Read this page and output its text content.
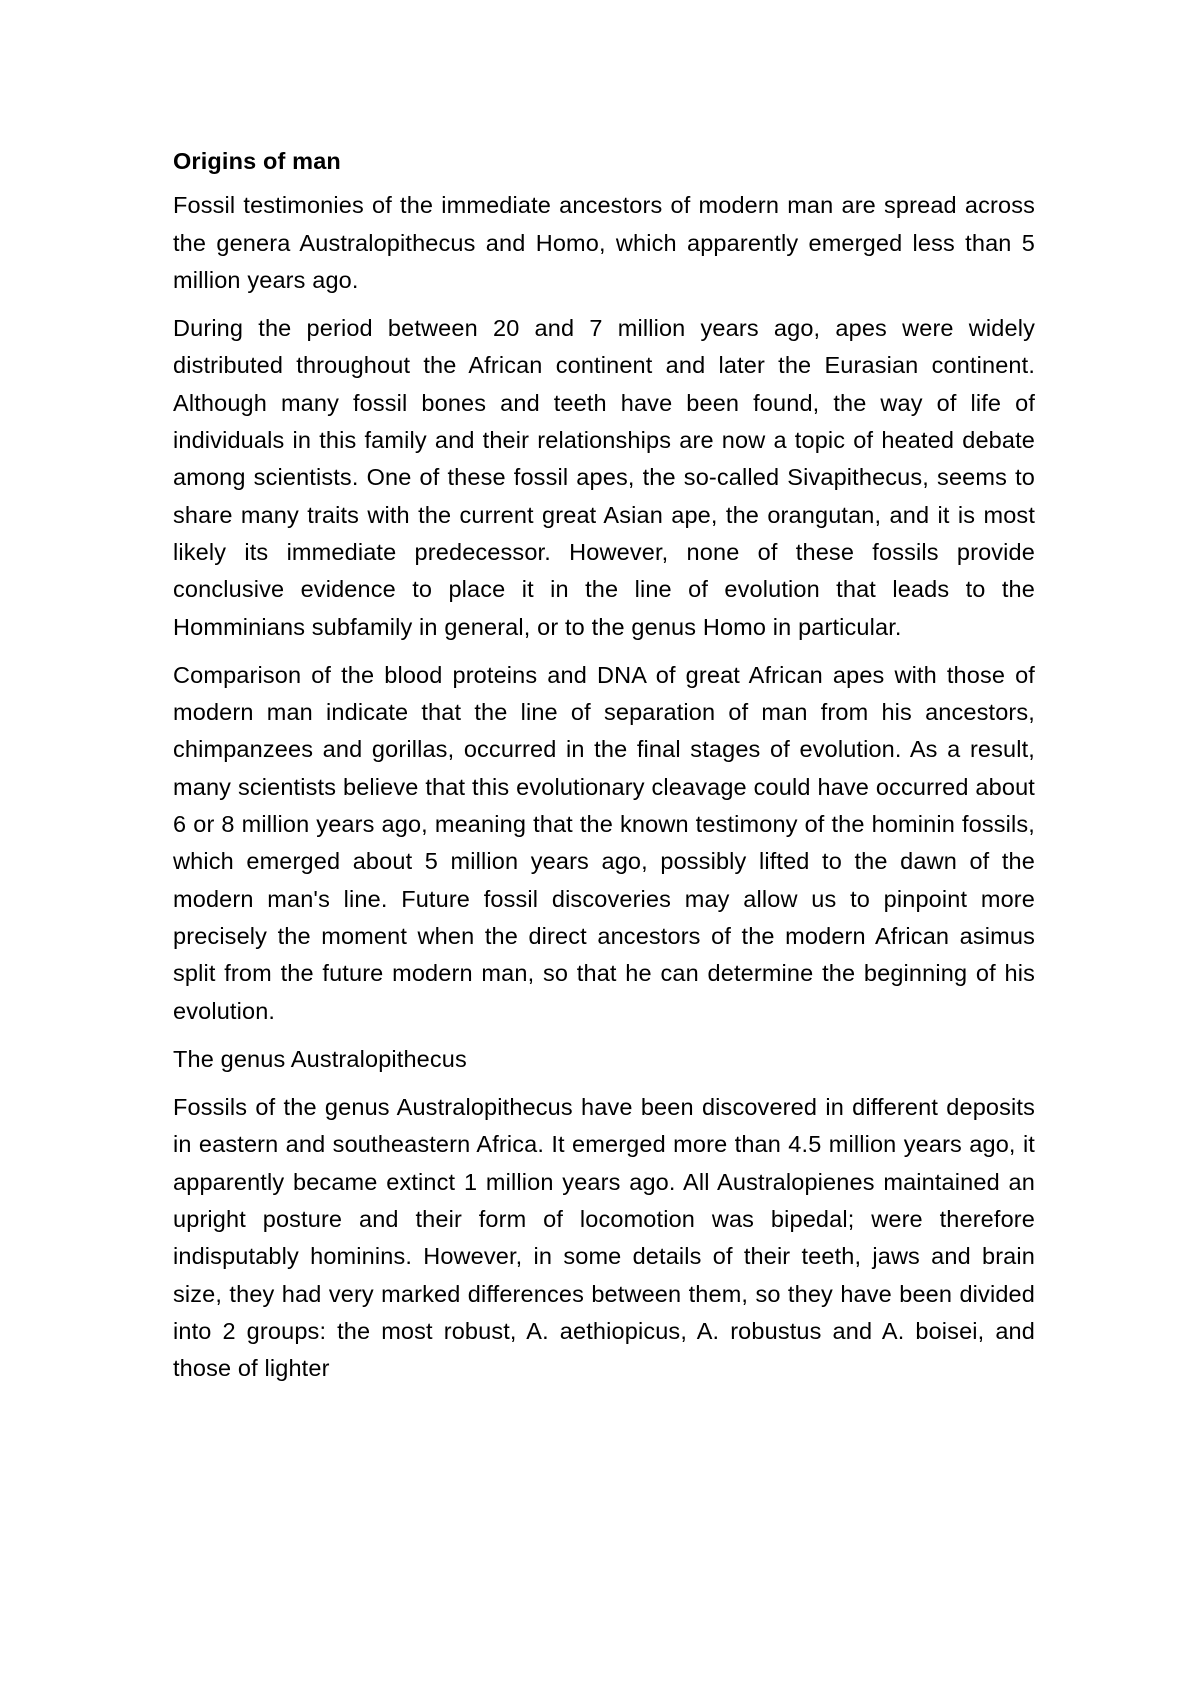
Origins of man

Fossil testimonies of the immediate ancestors of modern man are spread across the genera Australopithecus and Homo, which apparently emerged less than 5 million years ago.

During the period between 20 and 7 million years ago, apes were widely distributed throughout the African continent and later the Eurasian continent. Although many fossil bones and teeth have been found, the way of life of individuals in this family and their relationships are now a topic of heated debate among scientists. One of these fossil apes, the so-called Sivapithecus, seems to share many traits with the current great Asian ape, the orangutan, and it is most likely its immediate predecessor. However, none of these fossils provide conclusive evidence to place it in the line of evolution that leads to the Homminians subfamily in general, or to the genus Homo in particular.

Comparison of the blood proteins and DNA of great African apes with those of modern man indicate that the line of separation of man from his ancestors, chimpanzees and gorillas, occurred in the final stages of evolution. As a result, many scientists believe that this evolutionary cleavage could have occurred about 6 or 8 million years ago, meaning that the known testimony of the hominin fossils, which emerged about 5 million years ago, possibly lifted to the dawn of the modern man's line. Future fossil discoveries may allow us to pinpoint more precisely the moment when the direct ancestors of the modern African asimus split from the future modern man, so that he can determine the beginning of his evolution.

The genus Australopithecus

Fossils of the genus Australopithecus have been discovered in different deposits in eastern and southeastern Africa. It emerged more than 4.5 million years ago, it apparently became extinct 1 million years ago. All Australopienes maintained an upright posture and their form of locomotion was bipedal; were therefore indisputably hominins. However, in some details of their teeth, jaws and brain size, they had very marked differences between them, so they have been divided into 2 groups: the most robust, A. aethiopicus, A. robustus and A. boisei, and those of lighter
